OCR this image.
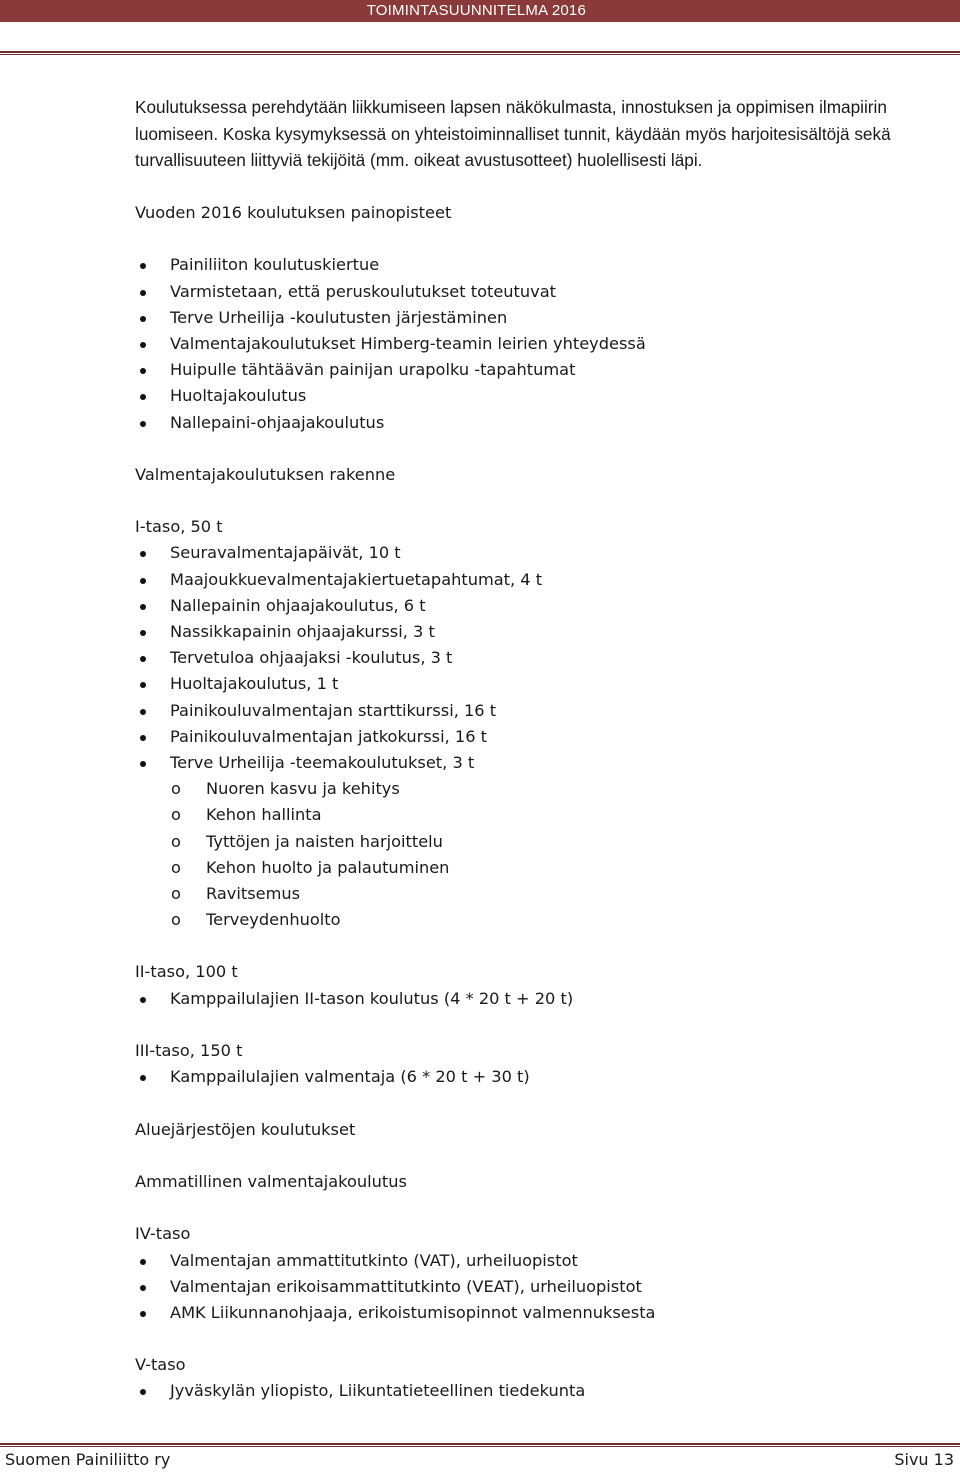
TOIMINTASUUNNITELMA 2016

Koulutuksessa perehdytään liikkumiseen lapsen näkökulmasta, innostuksen ja oppimisen ilmapiirin luomiseen. Koska kysymyksessä on yhteistoiminnalliset tunnit, käydään myös harjoitesisältöjä sekä turvallisuuteen liittyviä tekijöitä (mm. oikeat avustusotteet) huolellisesti läpi.

Vuoden 2016 koulutuksen painopisteet
Painiliiton koulutuskiertue
Varmistetaan, että peruskoulutukset toteutuvat
Terve Urheilija -koulutusten järjestäminen
Valmentajakoulutukset Himberg-teamin leirien yhteydessä
Huipulle tähtäävän painijan urapolku -tapahtumat
Huoltajakoulutus
Nallepaini-ohjaajakoulutus
Valmentajakoulutuksen rakenne
I-taso, 50 t
Seuravalmentajapäivät, 10 t
Maajoukkuevalmentajakiertuetapahtumat, 4 t
Nallepainin ohjaajakoulutus, 6 t
Nassikkapainin ohjaajakurssi, 3 t
Tervetuloa ohjaajaksi -koulutus, 3 t
Huoltajakoulutus, 1 t
Painikouluvalmentajan starttikurssi, 16 t
Painikouluvalmentajan jatkokurssi, 16 t
Terve Urheilija -teemakoulutukset, 3 t
o Nuoren kasvu ja kehitys
o Kehon hallinta
o Tyttöjen ja naisten harjoittelu
o Kehon huolto ja palautuminen
o Ravitsemus
o Terveydenhuolto
II-taso, 100 t
Kamppailulajien II-tason koulutus (4 * 20 t + 20 t)
III-taso, 150 t
Kamppailulajien valmentaja (6 * 20 t + 30 t)
Aluejärjestöjen koulutukset
Ammatillinen valmentajakoulutus
IV-taso
Valmentajan ammattitutkinto (VAT), urheiluopistot
Valmentajan erikoisammattitutkinto (VEAT), urheiluopistot
AMK Liikunnanohjaaja, erikoistumisopinnot valmennuksesta
V-taso
Jyväskylän yliopisto, Liikuntatieteellinen tiedekunta
Suomen Painiliitto ry	Sivu 13
